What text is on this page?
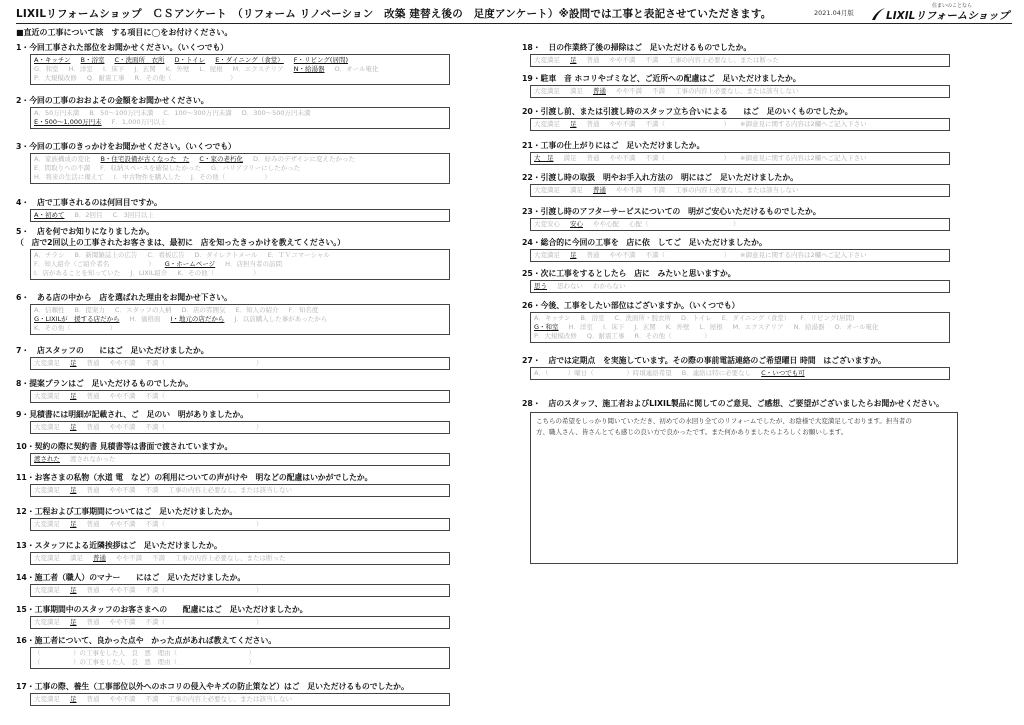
LIXILリフォームショップ　ＣＳアンケート　（リフォーム リノベーション　改築 建替え後の　足度アンケート）※設問では工事と表記させていただきます。	2021.04月版
住まいのことなら
LIXILリフォームショップ
■直近の工事について該　する項目に◯をお付けください。
1・今回工事された部位をお聞かせください。（いくつでも）
A・キッチン B・浴室 C・洗面所　衣所 D・トイレ E・ダイニング（食堂） F・リビング(居間)
G．和室 H．洋室 I．床下 J．玄関 K．外壁 L．屋根 M．エクステリア N・給湯器 O．オール電化
P．大規模改修 Q．耐震工事 R．その他（　　　　　　　　　）
2・今回の工事のおおよその金額をお聞かせください。
A．50万円未満 B．50〜100万円未満 C．100〜300万円未満 D．300〜500万円未満
E・500〜1,000万円未 F．1,000万円以上
3・今回の工事のきっかけをお聞かせください。（いくつでも）
A．家族構成の変化 B・住宅設備が古くなった　た C・家の老朽化 D．好みのデザインに変えたかった
E．間取りへの不満 F．収納スペースを確保したかった G．バリアフリーにしたかった
H．将来の生活に備えて I．中古物件を購入した J．その他（　　　　　　）
4・　店で工事されるのは何回目ですか。
A・初めて B．2回目 C．3回目以上
5・　店を何でお知りになりましたか。
（　店で2回以上の工事されたお客さまは、最初に　店を知ったきっかけを教えてください。）
A．チラシ B．新聞雑誌上の広告 C．看板広告 D．ダイレクトメール E．ＴＶコマーシャル
F．知人紹介（ご紹介者名　　　　　　） G・ホームページ H．店担当者の訪問
I．店があることを知っていた J．LIXIL紹介 K．その他（　　　　　　）
6・　ある店の中から　店を選ばれた理由をお聞かせ下さい。
A．信頼性 B．提案力 C．スタッフの人柄 D．店の雰囲気 E．知人の紹介 F．知名度
G・LIXILが　援する店だから H．価格面 I・地元の店だから J．以前購入した事があったから
K．その他（　　　　　　）
7・　店スタッフの　　にはご　足いただけましたか。
大変満足 足 普通 やや不満 不満（　　　　　　　　　　　　　　）
8・提案プランはご　足いただけるものでしたか。
大変満足 足 普通 やや不満 不満（　　　　　　　　　　　　　　）
9・見積書には明細が記載され、ご　足のい　明がありましたか。
大変満足 足 普通 やや不満 不満（　　　　　　　　　　　　　　）
10・契約の際に契約書 見積書等は書面で渡されていますか。
渡された 渡されなかった
11・お客さまの私物（水道 電　など）の利用についての声がけや　明などの配慮はいかがでしたか。
大変満足 足 普通 やや不満 不満 工事の内容上必要なし、または該当しない
12・工程および工事期間についてはご　足いただけましたか。
大変満足 足 普通 やや不満 不満（　　　　　　　　　　　　　　）
13・スタッフによる近隣挨拶はご　足いただけましたか。
大変満足 満足 普通 やや不満 不満 工事の内容上必要なし、または断った
14・施工者（職人）のマナー　　にはご　足いただけましたか。
大変満足 足 普通 やや不満 不満（　　　　　　　　　　　　　　）
15・工事期間中のスタッフのお客さまへの　　配慮にはご　足いただけましたか。
大変満足 足 普通 やや不満 不満（　　　　　　　　　　　　　　）
16・施工者について、良かった点や　かった点があれば教えてください。
（　　　　　）の工事をした人　良　悪　理由（　　　　　　　　　　　）
（　　　　　）の工事をした人　良　悪　理由（　　　　　　　　　　　）
17・工事の際、養生（工事部位以外へのホコリの侵入やキズの防止策など）はご　足いただけるものでしたか。
大変満足 足 普通 やや不満 不満 工事の内容上必要なし、または該当しない
18・　日の作業終了後の掃除はご　足いただけるものでしたか。
大変満足 足 普通 やや不満 不満 工事の内容上必要なし、または断った
19・駐車　音 ホコリやゴミなど、ご近所への配慮はご　足いただけましたか。
大変満足 満足 普通 やや不満 不満 工事の内容上必要なし、または該当しない
20・引渡し前、または引渡し時のスタッフ立ち合いによる　　はご　足のいくものでしたか。
大変満足 足 普通 やや不満 不満（　　　　　　　　　） ※御意見に関する内容は2欄へご記入下さい
21・工事の仕上がりにはご　足いただけましたか。
大　足 満足 普通 やや不満 不満（　　　　　　　　　） ※御意見に関する内容は2欄へご記入下さい
22・引渡し時の取扱　明やお手入れ方法の　明にはご　足いただけましたか。
大変満足 満足 普通 やや不満 不満 工事の内容上必要なし、または該当しない
23・引渡し時のアフターサービスについての　明がご安心いただけるものでしたか。
大変安心 安心 やや心配 心配（　　　　　　　　　　　　　）
24・総合的に今回の工事を　店に依　してご　足いただけましたか。
大変満足 足 普通 やや不満 不満（　　　　　　　　　） ※御意見に関する内容は2欄へご記入下さい
25・次に工事をするとしたら　店に　みたいと思いますか。
思う 思わない わからない
26・今後、工事をしたい部位はございますか。（いくつでも）
A．キッチン B．浴室 C．洗面所・脱衣所 D．トイレ E．ダイニング（食堂） F．リビング(居間)
G・和室 H．洋室 I．床下 J．玄関 K．外壁 L．屋根 M．エクステリア N．給湯器 O．オール電化
P．大規模改修 Q．耐震工事 R．その他（　　　　　）
27・　店では定期点　を実施しています。その際の事前電話連絡のご希望曜日 時間　はございますか。
A．（　　　）曜日（　　　　　）時頃連絡希望 B．連絡は特に必要なし C・いつでも可
28・　店のスタッフ、施工者およびLIXIL製品に関してのご意見、ご感想、ご要望がございましたらお聞かせください。
こちらの希望をしっかり聞いていただき、初めての水回り全てのリフォームでしたが、お陰様で大変満足しております。担当者の
方、職人さん、皆さんとても感じの良い方で良かったです。また何かありましたらよろしくお願いします。
